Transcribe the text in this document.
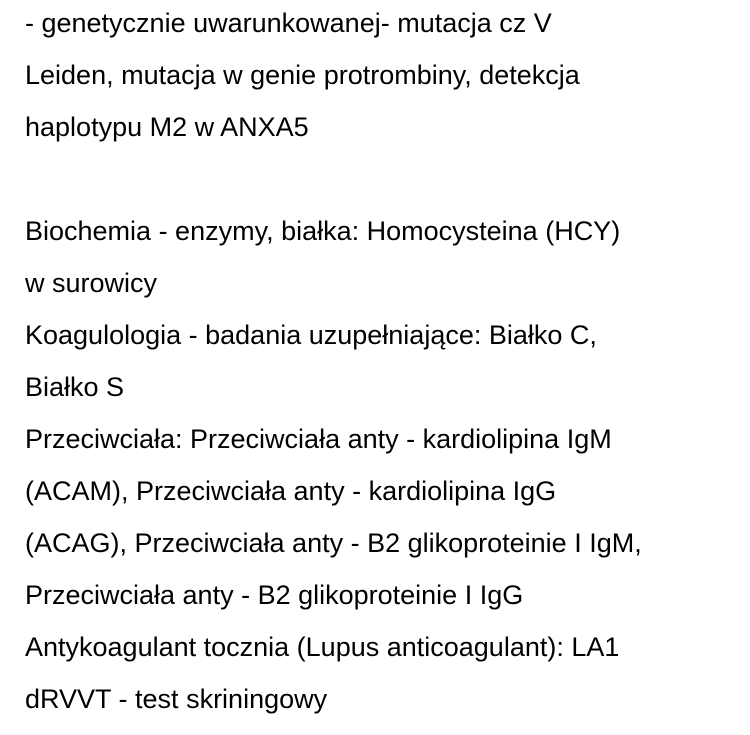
- genetycznie uwarunkowanej- mutacja cz V
Leiden, mutacja w genie protrombiny, detekcja
haplotypu M2 w ANXA5
Biochemia - enzymy, białka: Homocysteina (HCY)
w surowicy
Koagulologia - badania uzupełniające: Białko C,
Białko S
Przeciwciała: Przeciwciała anty - kardiolipina IgM
(ACAM), Przeciwciała anty - kardiolipina IgG
(ACAG), Przeciwciała anty - B2 glikoproteinie I IgM,
Przeciwciała anty - B2 glikoproteinie I IgG
Antykoagulant tocznia (Lupus anticoagulant): LA1
dRVVT - test skriningowy
